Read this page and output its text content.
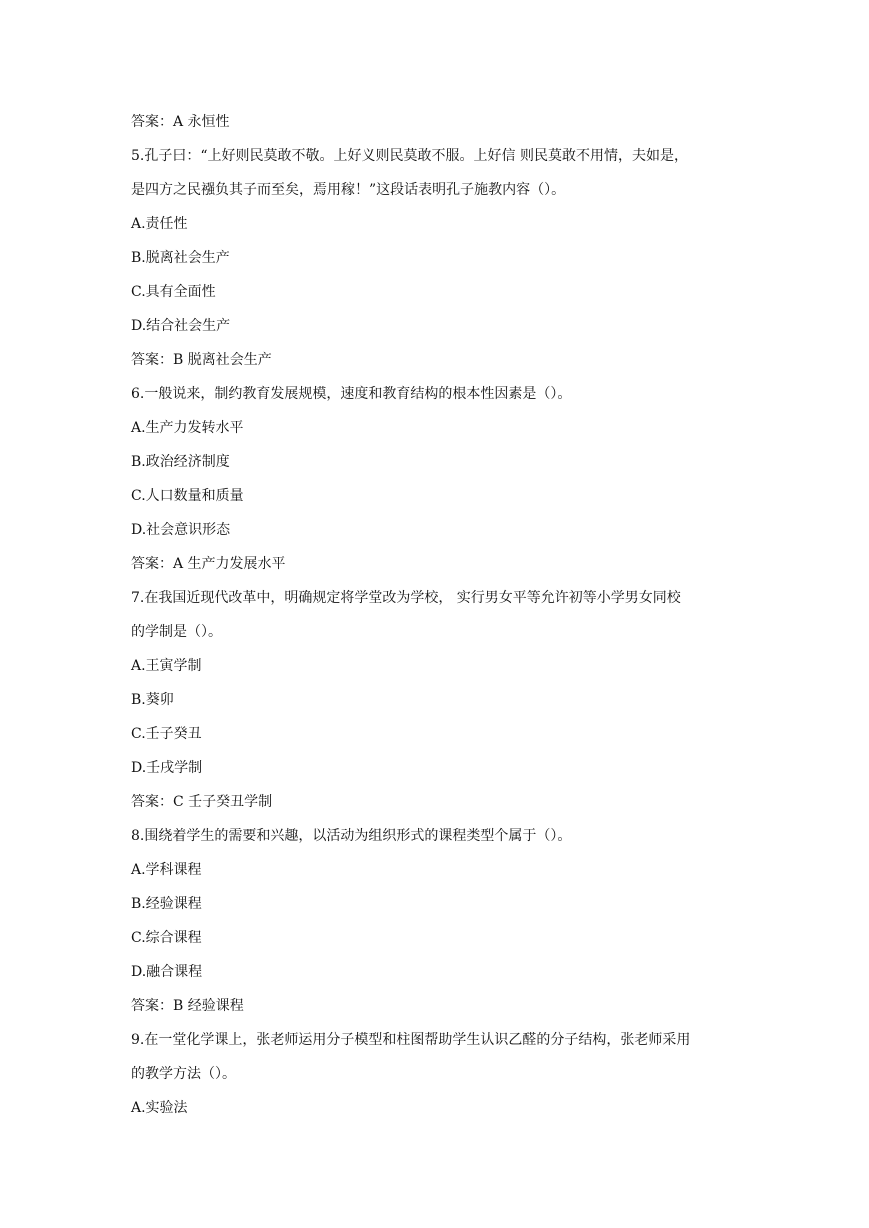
答案：A 永恒性
5.孔子曰：“上好则民莫敢不敬。上好义则民莫敢不服。上好信 则民莫敢不用情，夫如是，
是四方之民襁负其子而至矣，焉用稼！”这段话表明孔子施教内容（）。
A.责任性
B.脱离社会生产
C.具有全面性
D.结合社会生产
答案：B 脱离社会生产
6.一般说来，制约教育发展规模，速度和教育结构的根本性因素是（）。
A.生产力发转水平
B.政治经济制度
C.人口数量和质量
D.社会意识形态
答案：A 生产力发展水平
7.在我国近现代改革中，明确规定将学堂改为学校， 实行男女平等允许初等小学男女同校
的学制是（）。
A.王寅学制
B.葵卯
C.壬子癸丑
D.壬戌学制
答案：C 壬子癸丑学制
8.围绕着学生的需要和兴趣，以活动为组织形式的课程类型个属于（）。
A.学科课程
B.经验课程
C.综合课程
D.融合课程
答案：B 经验课程
9.在一堂化学课上，张老师运用分子模型和柱图帮助学生认识乙醛的分子结构，张老师采用
的教学方法（）。
A.实验法
